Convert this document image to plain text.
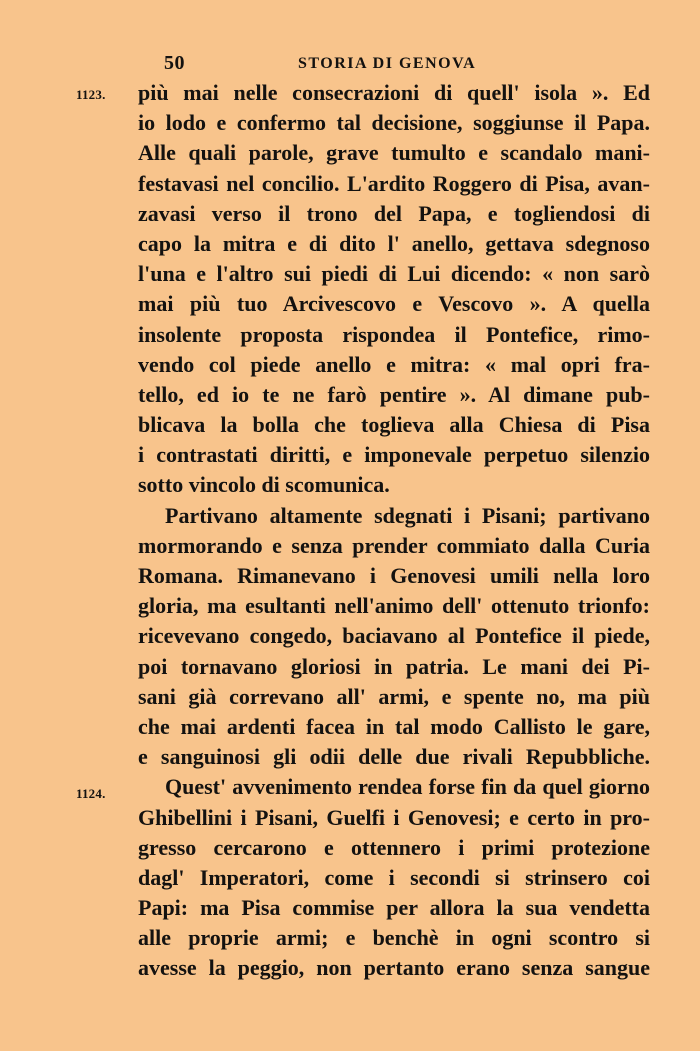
50	STORIA DI GENOVA
1123.
1124.
più mai nelle consecrazioni di quell' isola ». Ed
io lodo e confermo tal decisione, soggiunse il Papa.
Alle quali parole, grave tumulto e scandalo mani-
festavasi nel concilio. L'ardito Roggero di Pisa, avan-
zavasi verso il trono del Papa, e togliendosi di
capo la mitra e di dito l' anello, gettava sdegnoso
l'una e l'altro sui piedi di Lui dicendo: « non sarò
mai più tuo Arcivescovo e Vescovo ». A quella
insolente proposta rispondea il Pontefice, rimo-
vendo col piede anello e mitra: « mal opri fra-
tello, ed io te ne farò pentire ». Al dimane pub-
blicava la bolla che toglieva alla Chiesa di Pisa
i contrastati diritti, e imponevale perpetuo silenzio
sotto vincolo di scomunica.
Partivano altamente sdegnati i Pisani; partivano
mormorando e senza prender commiato dalla Curia
Romana. Rimanevano i Genovesi umili nella loro
gloria, ma esultanti nell'animo dell' ottenuto trionfo:
ricevevano congedo, baciavano al Pontefice il piede,
poi tornavano gloriosi in patria. Le mani dei Pi-
sani già correvano all' armi, e spente no, ma più
che mai ardenti facea in tal modo Callisto le gare,
e sanguinosi gli odii delle due rivali Repubbliche.
Quest' avvenimento rendea forse fin da quel giorno
Ghibellini i Pisani, Guelfi i Genovesi; e certo in pro-
gresso cercarono e ottennero i primi protezione
dagl' Imperatori, come i secondi si strinsero coi
Papi: ma Pisa commise per allora la sua vendetta
alle proprie armi; e benchè in ogni scontro si
avesse la peggio, non pertanto erano senza sangue
